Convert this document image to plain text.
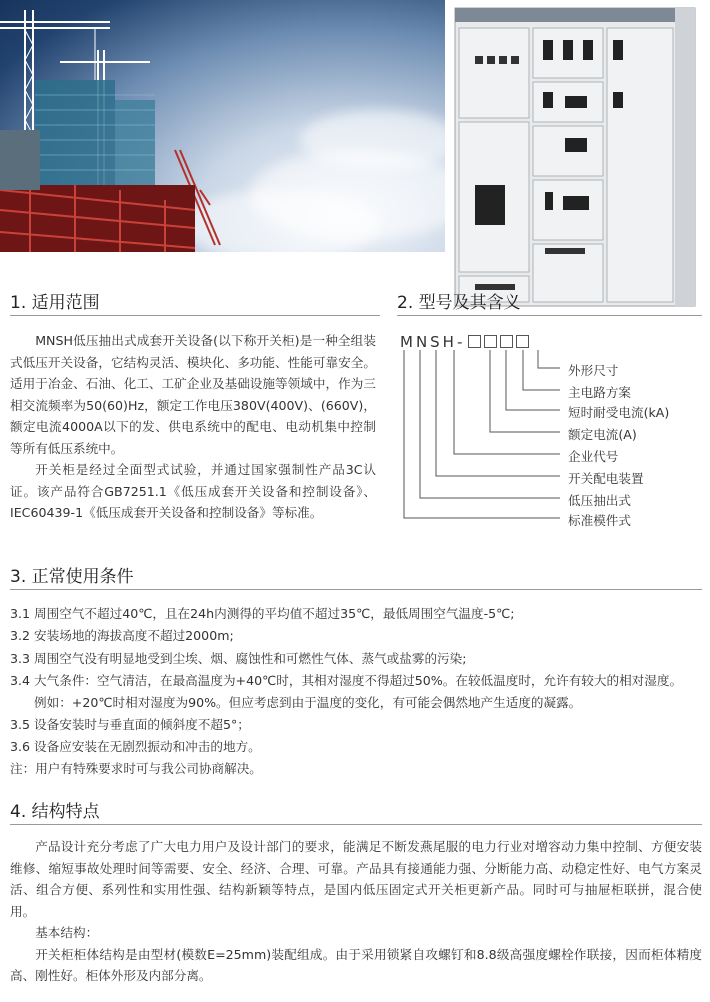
1. 适用范围

MNSH低压抽出式成套开关设备(以下称开关柜)是一种全组装式低压开关设备，它结构灵活、模块化、多功能、性能可靠安全。适用于冶金、石油、化工、工矿企业及基础设施等领域中，作为三相交流频率为50(60)Hz，额定工作电压380V(400V)、(660V)，额定电流4000A以下的发、供电系统中的配电、电动机集中控制等所有低压系统中。

开关柜是经过全面型式试验，并通过国家强制性产品3C认证。该产品符合GB7251.1《低压成套开关设备和控制设备》、IEC60439-1《低压成套开关设备和控制设备》等标准。

2. 型号及其含义
MNSH-
外形尺寸
主电路方案
短时耐受电流(kA)
额定电流(A)
企业代号
开关配电装置
低压抽出式
标准模件式
3. 正常使用条件
3.1 周围空气不超过40℃，且在24h内测得的平均值不超过35℃，最低周围空气温度-5℃;
3.2 安装场地的海拔高度不超过2000m;
3.3 周围空气没有明显地受到尘埃、烟、腐蚀性和可燃性气体、蒸气或盐雾的污染;
3.4 大气条件：空气清洁，在最高温度为+40℃时，其相对湿度不得超过50%。在较低温度时，允许有较大的相对湿度。
例如：+20℃时相对湿度为90%。但应考虑到由于温度的变化，有可能会偶然地产生适度的凝露。
3.5 设备安装时与垂直面的倾斜度不超5°；
3.6 设备应安装在无剧烈振动和冲击的地方。
注：用户有特殊要求时可与我公司协商解决。
4. 结构特点

产品设计充分考虑了广大电力用户及设计部门的要求，能满足不断发燕尾服的电力行业对增容动力集中控制、方便安装维修、缩短事故处理时间等需要、安全、经济、合理、可靠。产品具有接通能力强、分断能力高、动稳定性好、电气方案灵活、组合方便、系列性和实用性强、结构新颖等特点，是国内低压固定式开关柜更新产品。同时可与抽屉柜联拼，混合使用。

基本结构：

开关柜柜体结构是由型材(模数E=25mm)装配组成。由于采用锁紧自攻螺钉和8.8级高强度螺栓作联接，因而柜体精度高、刚性好。柜体外形及内部分离。
